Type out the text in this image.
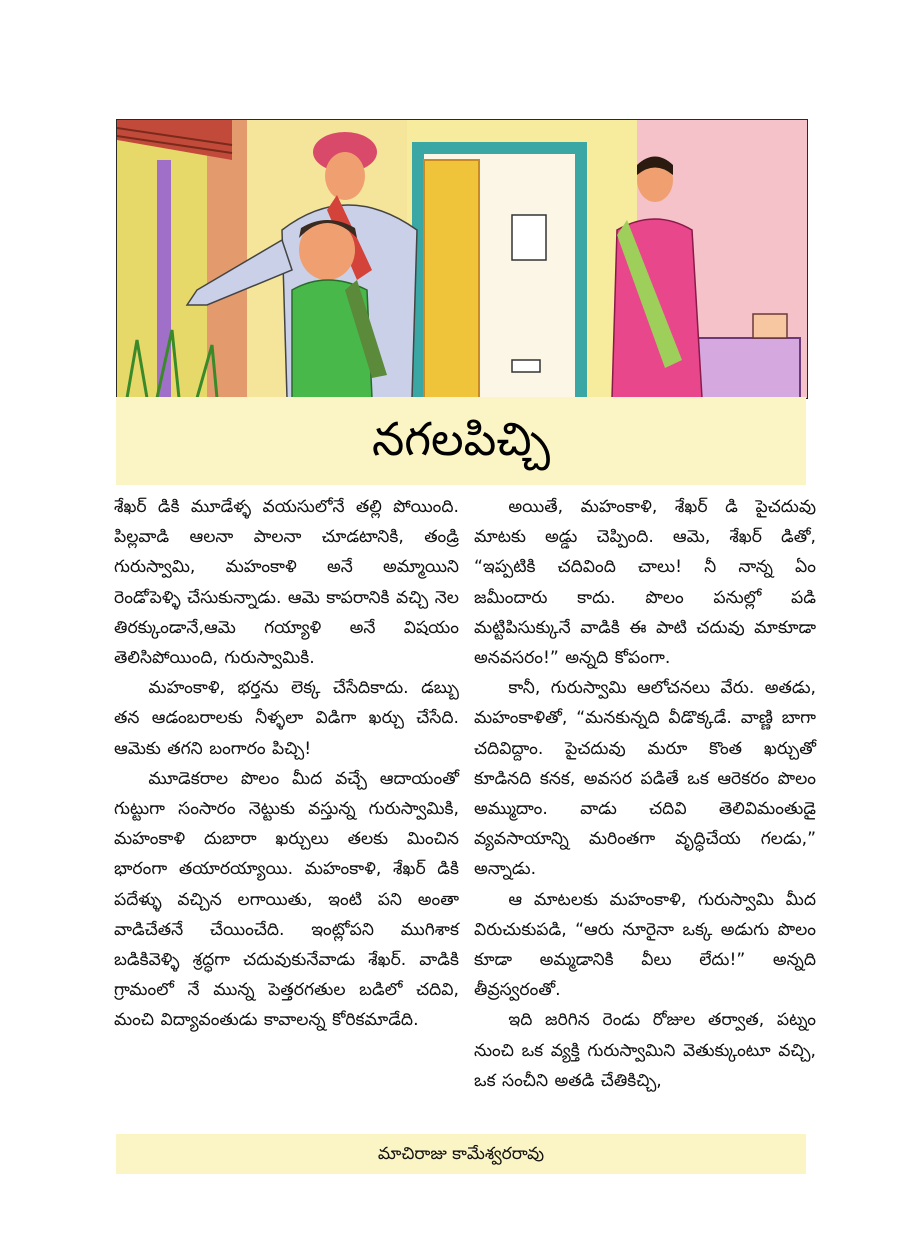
నగలపిచ్చి

శేఖర్ డికి మూడేళ్ళ వయసులోనే తల్లి పోయింది. పిల్లవాడి ఆలనా పాలనా చూడటానికి, తండ్రి గురుస్వామి, మహంకాళి అనే అమ్మాయిని రెండోపెళ్ళి చేసుకున్నాడు. ఆమె కాపరానికి వచ్చి నెల తిరక్కుండానే,ఆమె గయ్యాళి అనే విషయం తెలిసిపోయింది, గురుస్వామికి.

మహంకాళి, భర్తను లెక్క చేసేదికాదు. డబ్బు తన ఆడంబరాలకు నీళ్ళలా విడిగా ఖర్చు చేసేది. ఆమెకు తగని బంగారం పిచ్చి!

మూడెకరాల పొలం మీద వచ్చే ఆదాయంతో గుట్టుగా సంసారం నెట్టుకు వస్తున్న గురుస్వామికి, మహంకాళి దుబారా ఖర్చులు తలకు మించిన భారంగా తయారయ్యాయి. మహంకాళి, శేఖర్ డికి పదేళ్ళు వచ్చిన లగాయితు, ఇంటి పని అంతా వాడిచేతనే చేయించేది. ఇంట్లోపని ముగిశాక బడికివెళ్ళి శ్రద్ధగా చదువుకునేవాడు శేఖర్. వాడికి గ్రామంలో నే మున్న పెత్తరగతుల బడిలో చదివి, మంచి విద్యావంతుడు కావాలన్న కోరికమాడేది.

అయితే, మహంకాళి, శేఖర్ డి పైచదువు మాటకు అడ్డు చెప్పింది. ఆమె, శేఖర్ డితో, “ఇప్పటికి చదివింది చాలు! నీ నాన్న ఏం జమీందారు కాదు. పొలం పనుల్లో పడి మట్టిపిసుక్కునే వాడికి ఈ పాటి చదువు మాకూడా అనవసరం!” అన్నది కోపంగా.

కానీ, గురుస్వామి ఆలోచనలు వేరు. అతడు, మహంకాళితో, “మనకున్నది వీడొక్కడే. వాణ్ణి బాగా చదివిద్దాం. పైచదువు మరూ కొంత ఖర్చుతో కూడినది కనక, అవసర పడితే ఒక ఆరెకరం పొలం అమ్ముదాం. వాడు చదివి తెలివిమంతుడై వ్యవసాయాన్ని మరింతగా వృద్ధిచేయ గలడు,” అన్నాడు.

ఆ మాటలకు మహంకాళి, గురుస్వామి మీద విరుచుకుపడి, “ఆరు నూరైనా ఒక్క అడుగు పొలం కూడా అమ్మడానికి వీలు లేదు!” అన్నది తీవ్రస్వరంతో.

ఇది జరిగిన రెండు రోజుల తర్వాత, పట్నం నుంచి ఒక వ్యక్తి గురుస్వామిని వెతుక్కుంటూ వచ్చి, ఒక సంచీని అతడి చేతికిచ్చి,

మాచిరాజు కామేశ్వరరావు
